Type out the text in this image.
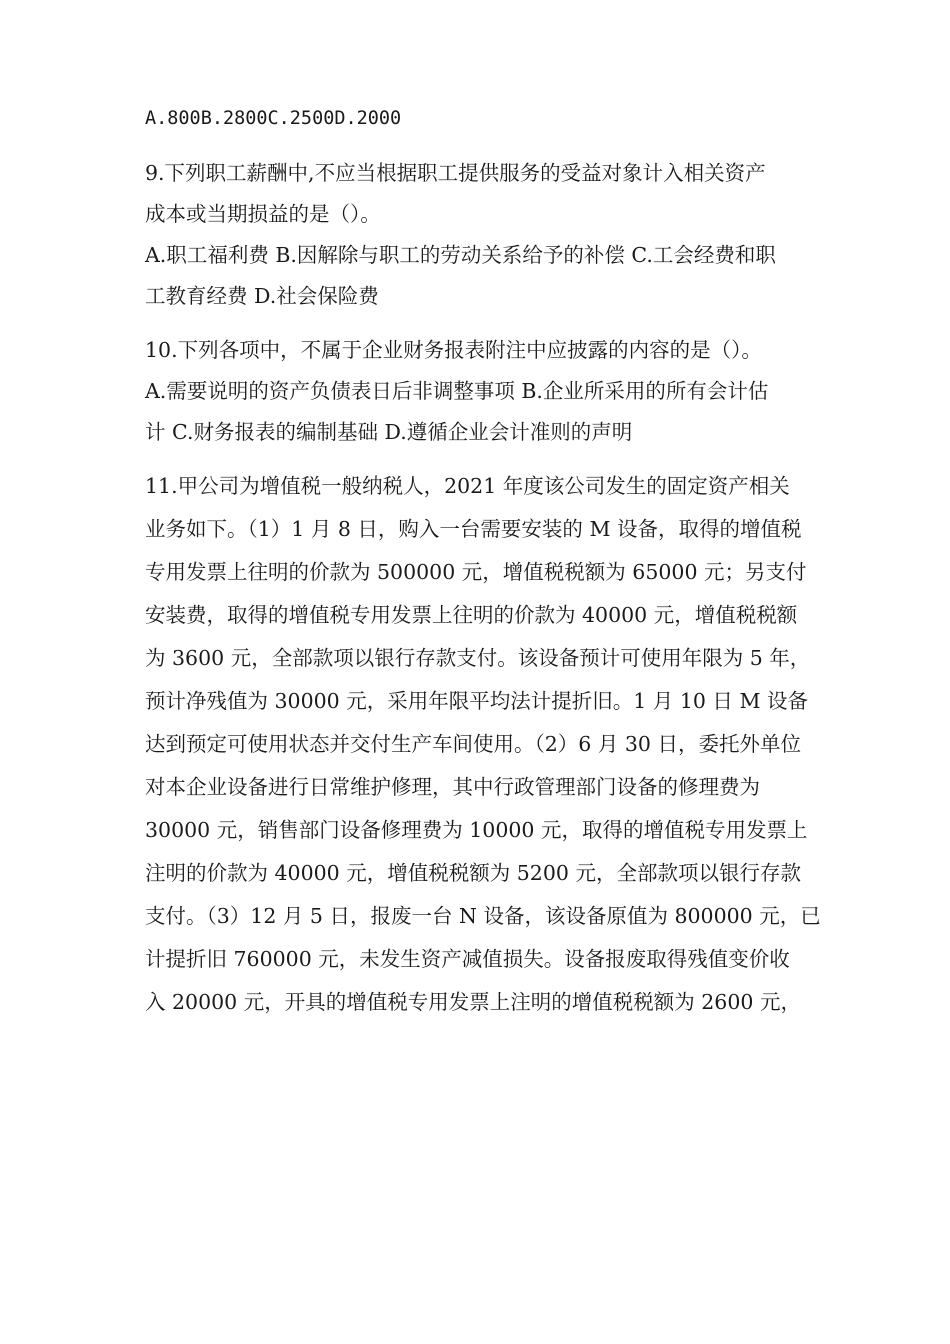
A.800B.2800C.2500D.2000

9.下列职工薪酬中,不应当根据职工提供服务的受益对象计入相关资产

成本或当期损益的是（）。

A.职工福利费 B.因解除与职工的劳动关系给予的补偿 C.工会经费和职

工教育经费 D.社会保险费

10.下列各项中，不属于企业财务报表附注中应披露的内容的是（）。

A.需要说明的资产负债表日后非调整事项 B.企业所采用的所有会计估

计 C.财务报表的编制基础 D.遵循企业会计准则的声明

11.甲公司为增值税一般纳税人，2021 年度该公司发生的固定资产相关

业务如下。（1）1 月 8 日，购入一台需要安装的 M 设备，取得的增值税

专用发票上往明的价款为 500000 元，增值税税额为 65000 元；另支付

安装费，取得的增值税专用发票上往明的价款为 40000 元，增值税税额

为 3600 元，全部款项以银行存款支付。该设备预计可使用年限为 5 年，

预计净残值为 30000 元，采用年限平均法计提折旧。1 月 10 日 M 设备

达到预定可使用状态并交付生产车间使用。（2）6 月 30 日，委托外单位

对本企业设备进行日常维护修理，其中行政管理部门设备的修理费为

30000 元，销售部门设备修理费为 10000 元，取得的增值税专用发票上

注明的价款为 40000 元，增值税税额为 5200 元，全部款项以银行存款

支付。（3）12 月 5 日，报废一台 N 设备，该设备原值为 800000 元，已

计提折旧 760000 元，未发生资产减值损失。设备报废取得残值变价收

入 20000 元，开具的增值税专用发票上注明的增值税税额为 2600 元，
